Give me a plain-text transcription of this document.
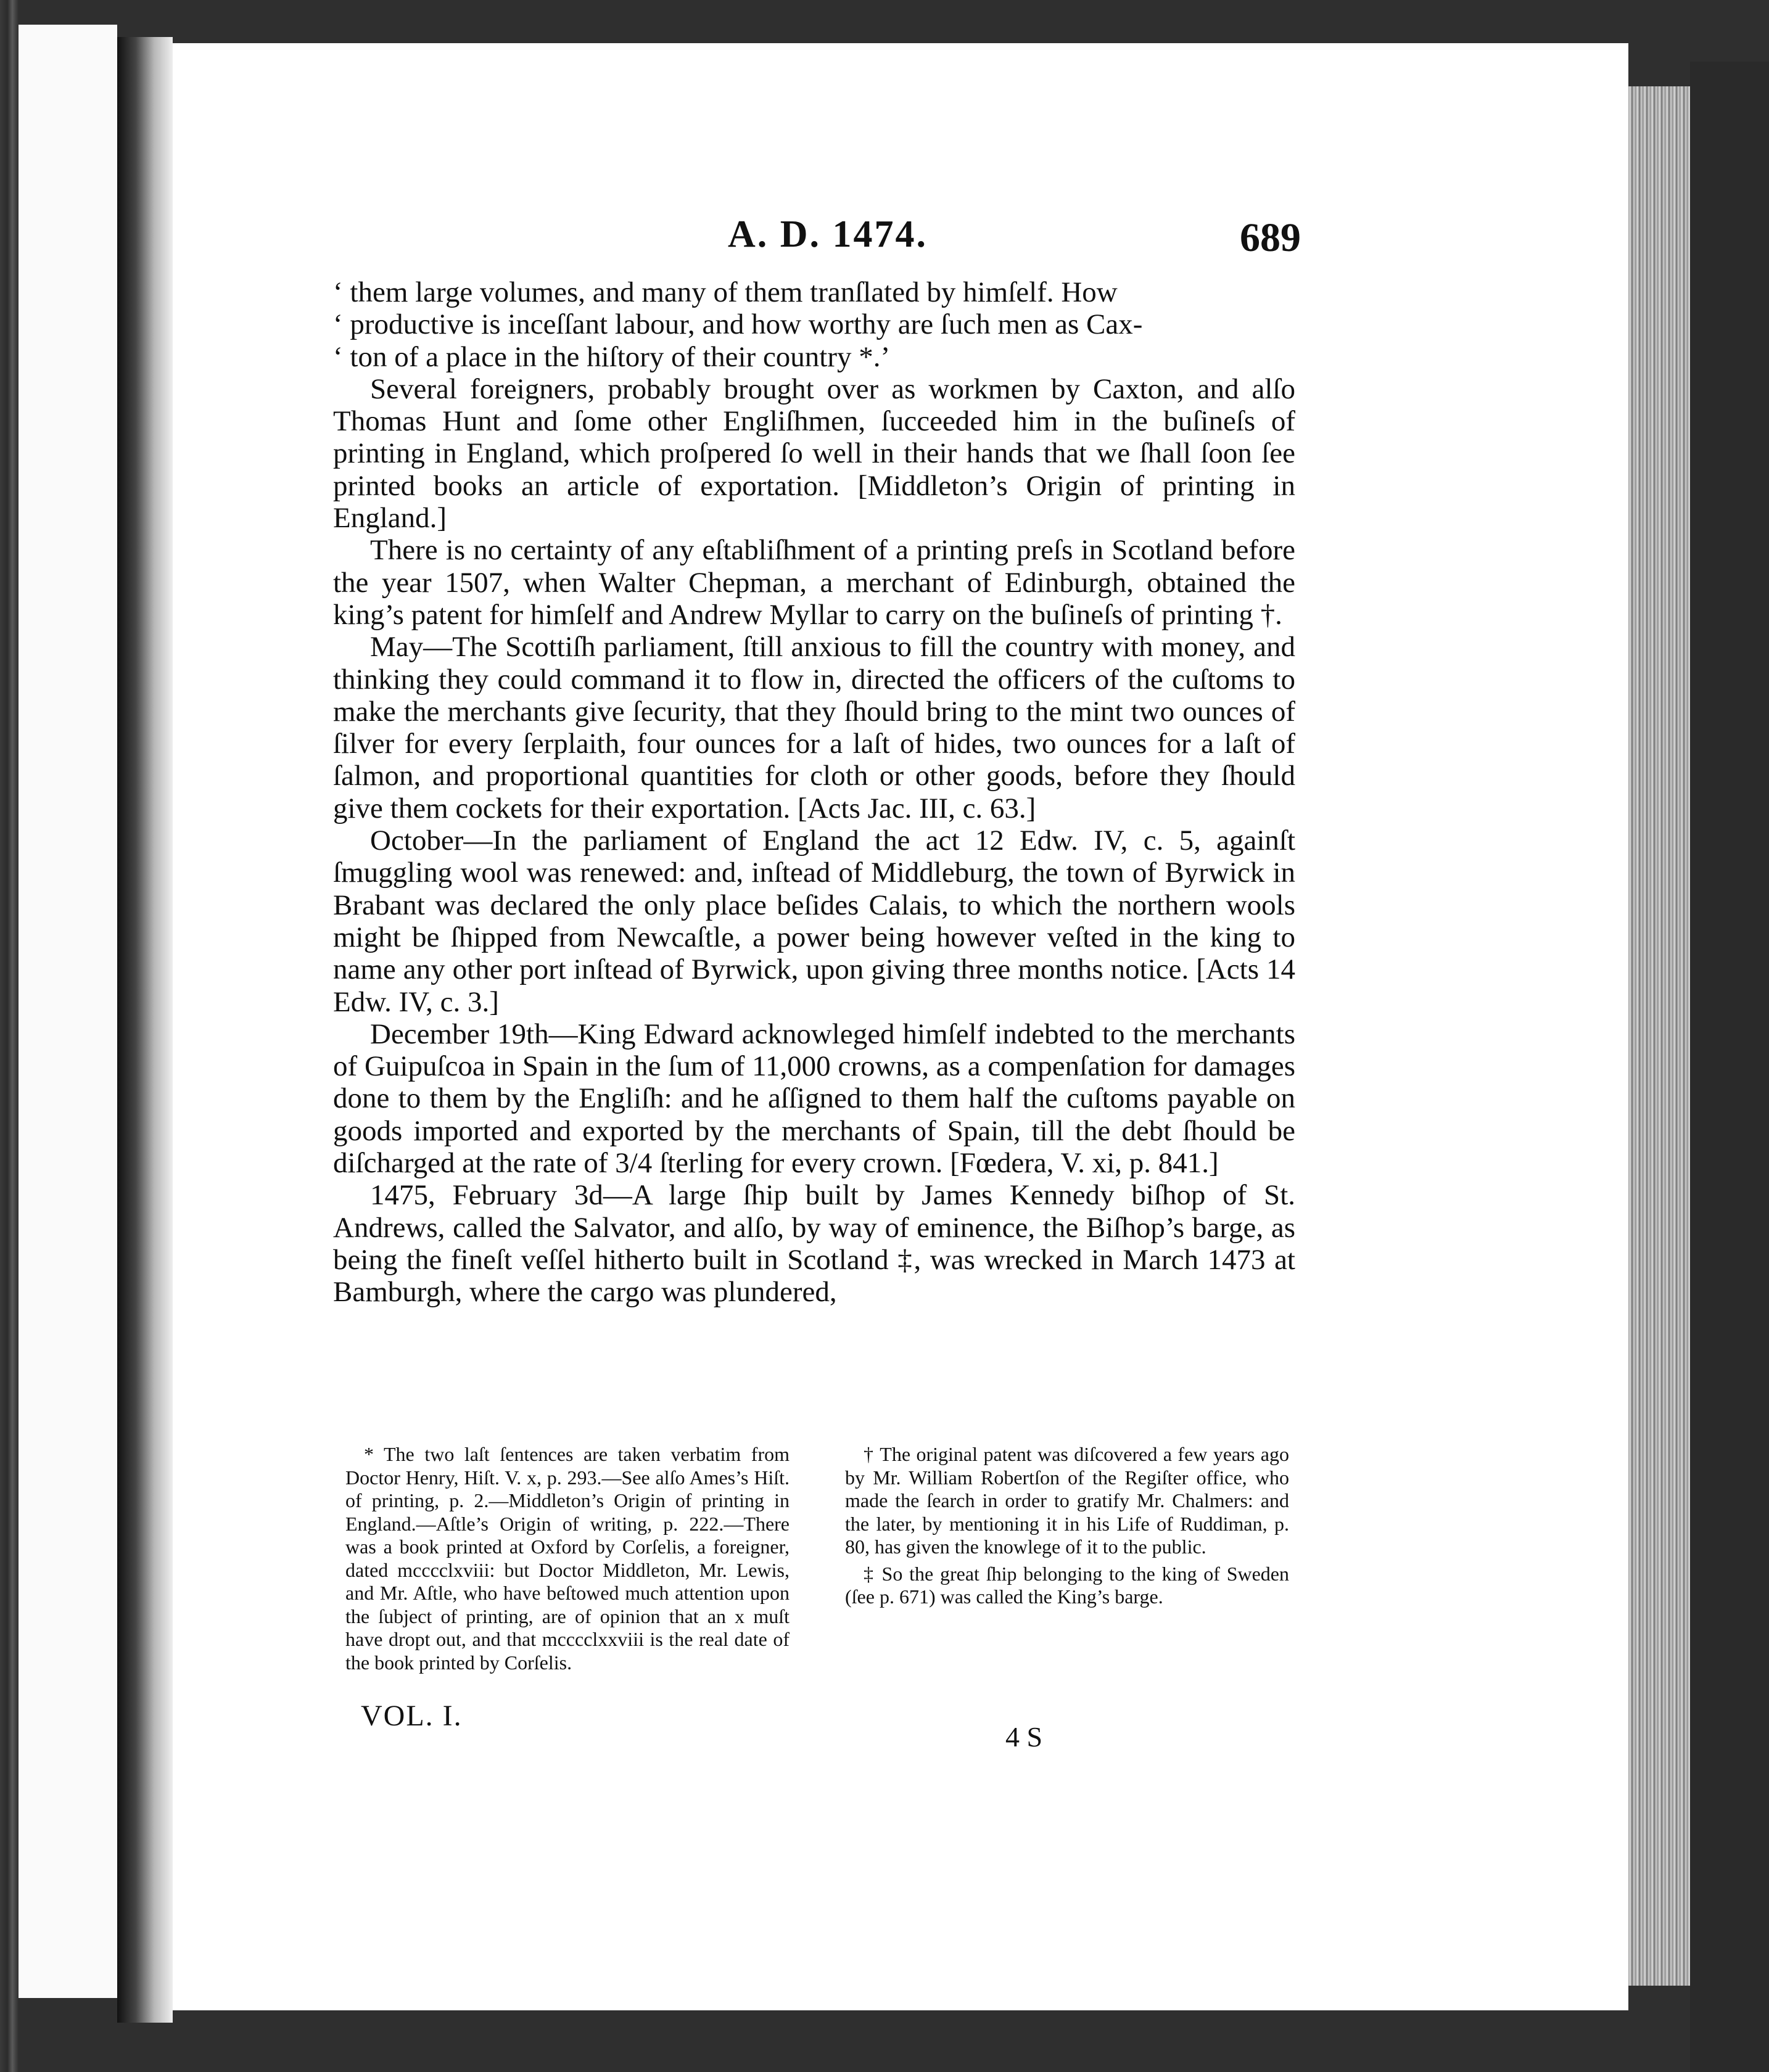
A. D. 1474.	689

‘ them large volumes, and many of them tranſlated by himſelf. How

‘ productive is inceſſant labour, and how worthy are ſuch men as Cax-

‘ ton of a place in the hiſtory of their country *.’

Several foreigners, probably brought over as workmen by Caxton, and alſo Thomas Hunt and ſome other Engliſhmen, ſucceeded him in the buſineſs of printing in England, which proſpered ſo well in their hands that we ſhall ſoon ſee printed books an article of exportation. [Middleton’s Origin of printing in England.]

There is no certainty of any eſtabliſhment of a printing preſs in Scotland before the year 1507, when Walter Chepman, a merchant of Edinburgh, obtained the king’s patent for himſelf and Andrew Myllar to carry on the buſineſs of printing †.

May—The Scottiſh parliament, ſtill anxious to fill the country with money, and thinking they could command it to flow in, directed the officers of the cuſtoms to make the merchants give ſecurity, that they ſhould bring to the mint two ounces of ſilver for every ſerplaith, four ounces for a laſt of hides, two ounces for a laſt of ſalmon, and proportional quantities for cloth or other goods, before they ſhould give them cockets for their exportation. [Acts Jac. III, c. 63.]

October—In the parliament of England the act 12 Edw. IV, c. 5, againſt ſmuggling wool was renewed: and, inſtead of Middleburg, the town of Byrwick in Brabant was declared the only place beſides Calais, to which the northern wools might be ſhipped from Newcaſtle, a power being however veſted in the king to name any other port inſtead of Byrwick, upon giving three months notice. [Acts 14 Edw. IV, c. 3.]

December 19th—King Edward acknowleged himſelf indebted to the merchants of Guipuſcoa in Spain in the ſum of 11,000 crowns, as a compenſation for damages done to them by the Engliſh: and he aſſigned to them half the cuſtoms payable on goods imported and exported by the merchants of Spain, till the debt ſhould be diſcharged at the rate of 3/4 ſterling for every crown. [Fœdera, V. xi, p. 841.]

1475, February 3d—A large ſhip built by James Kennedy biſhop of St. Andrews, called the Salvator, and alſo, by way of eminence, the Biſhop’s barge, as being the fineſt veſſel hitherto built in Scotland ‡, was wrecked in March 1473 at Bamburgh, where the cargo was plundered,

* The two laſt ſentences are taken verbatim from Doctor Henry, Hiſt. V. x, p. 293.—See alſo Ames’s Hiſt. of printing, p. 2.—Middleton’s Origin of printing in England.—Aſtle’s Origin of writing, p. 222.—There was a book printed at Oxford by Corſelis, a foreigner, dated mcccclxviii: but Doctor Middleton, Mr. Lewis, and Mr. Aſtle, who have beſtowed much attention upon the ſubject of printing, are of opinion that an x muſt have dropt out, and that mcccclxxviii is the real date of the book printed by Corſelis.

† The original patent was diſcovered a few years ago by Mr. William Robertſon of the Regiſter office, who made the ſearch in order to gratify Mr. Chalmers: and the later, by mentioning it in his Life of Ruddiman, p. 80, has given the knowlege of it to the public.

‡ So the great ſhip belonging to the king of Sweden (ſee p. 671) was called the King’s barge.

VOL. I.
4 S
